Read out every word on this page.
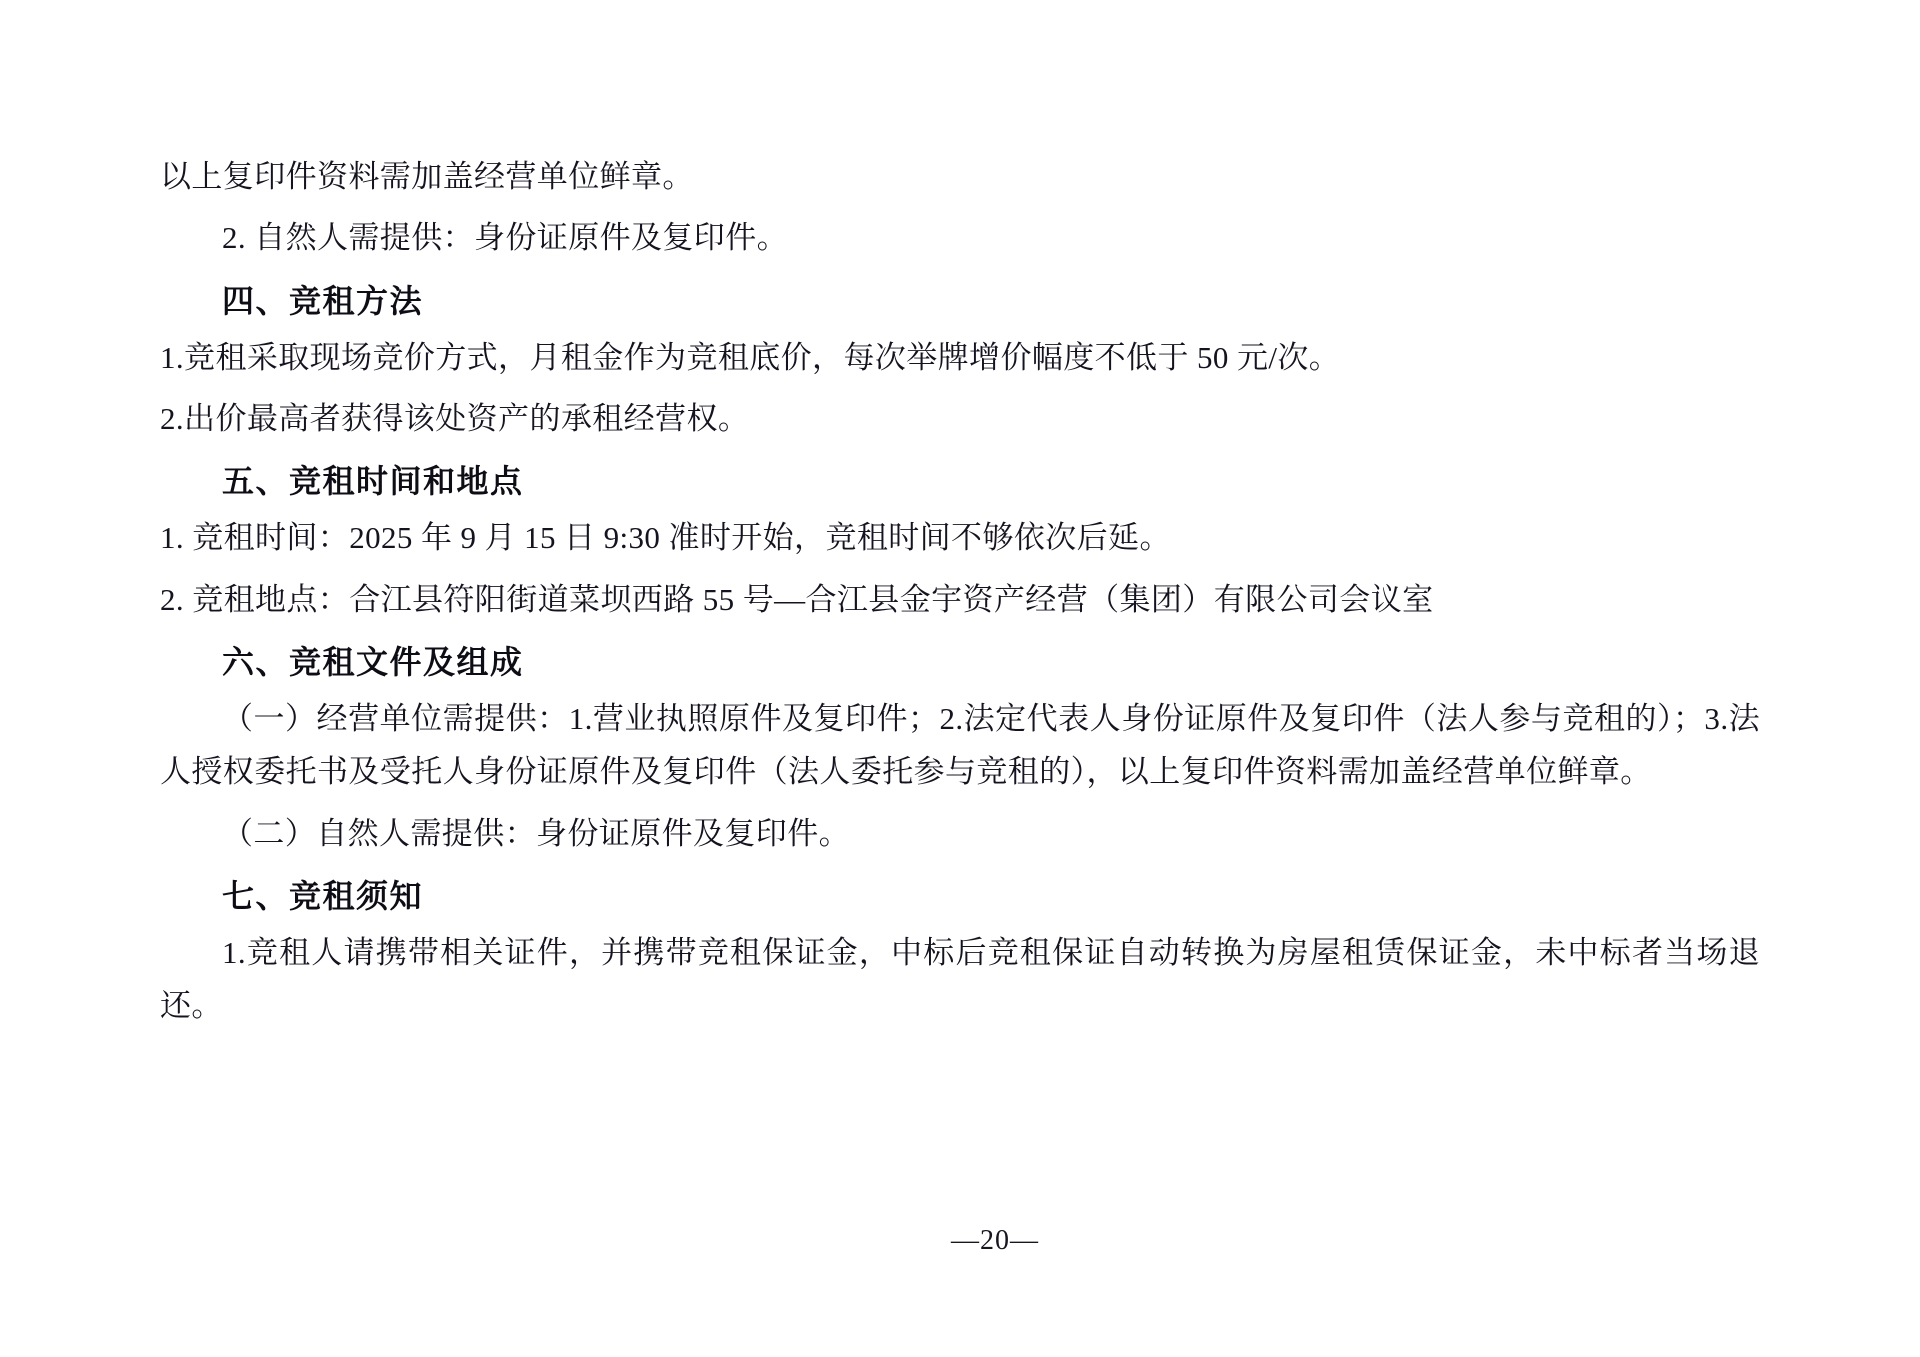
以上复印件资料需加盖经营单位鲜章。

2. 自然人需提供：身份证原件及复印件。

四、竞租方法

1.竞租采取现场竞价方式，月租金作为竞租底价，每次举牌增价幅度不低于 50 元/次。

2.出价最高者获得该处资产的承租经营权。

五、竞租时间和地点

1. 竞租时间：2025 年 9 月 15 日 9:30 准时开始，竞租时间不够依次后延。

2. 竞租地点：合江县符阳街道菜坝西路 55 号—合江县金宇资产经营（集团）有限公司会议室

六、竞租文件及组成

（一）经营单位需提供：1.营业执照原件及复印件；2.法定代表人身份证原件及复印件（法人参与竞租的）；3.法人授权委托书及受托人身份证原件及复印件（法人委托参与竞租的），以上复印件资料需加盖经营单位鲜章。

（二）自然人需提供：身份证原件及复印件。

七、竞租须知

1.竞租人请携带相关证件，并携带竞租保证金，中标后竞租保证自动转换为房屋租赁保证金，未中标者当场退还。

—20—
